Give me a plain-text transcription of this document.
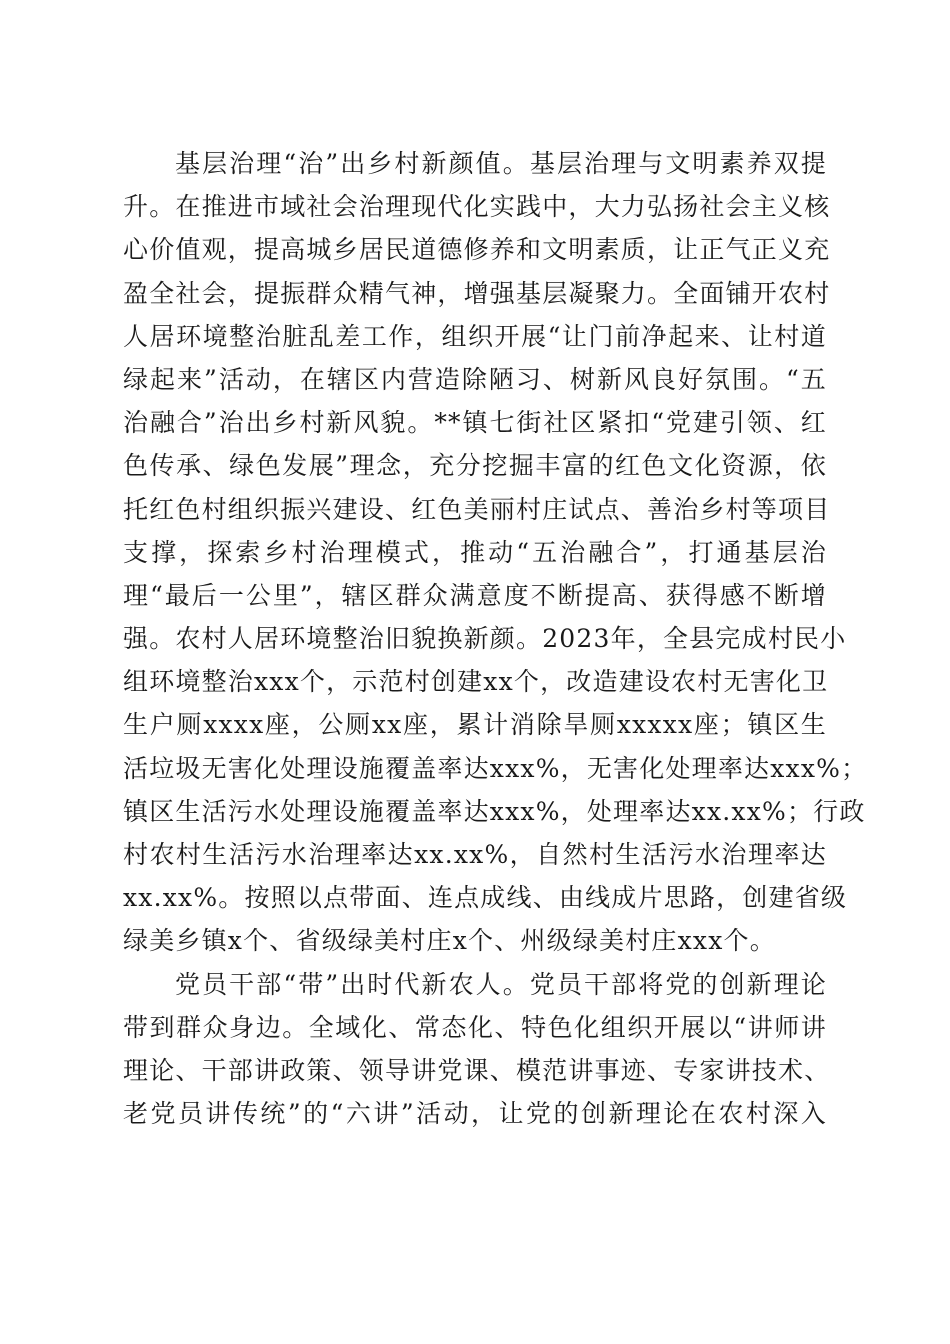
基层治理“治”出乡村新颜值。基层治理与文明素养双提
升。在推进市域社会治理现代化实践中，大力弘扬社会主义核
心价值观，提高城乡居民道德修养和文明素质，让正气正义充
盈全社会，提振群众精气神，增强基层凝聚力。全面铺开农村
人居环境整治脏乱差工作，组织开展“让门前净起来、让村道
绿起来”活动，在辖区内营造除陋习、树新风良好氛围。“五
治融合”治出乡村新风貌。**镇七街社区紧扣“党建引领、红
色传承、绿色发展”理念，充分挖掘丰富的红色文化资源，依
托红色村组织振兴建设、红色美丽村庄试点、善治乡村等项目
支撑，探索乡村治理模式，推动“五治融合”，打通基层治
理“最后一公里”，辖区群众满意度不断提高、获得感不断增
强。农村人居环境整治旧貌换新颜。2023年，全县完成村民小
组环境整治xxx个，示范村创建xx个，改造建设农村无害化卫
生户厕xxxx座，公厕xx座，累计消除旱厕xxxxx座；镇区生
活垃圾无害化处理设施覆盖率达xxx%，无害化处理率达xxx%；
镇区生活污水处理设施覆盖率达xxx%，处理率达xx.xx%；行政
村农村生活污水治理率达xx.xx%，自然村生活污水治理率达
xx.xx%。按照以点带面、连点成线、由线成片思路，创建省级
绿美乡镇x个、省级绿美村庄x个、州级绿美村庄xxx个。
党员干部“带”出时代新农人。党员干部将党的创新理论
带到群众身边。全域化、常态化、特色化组织开展以“讲师讲
理论、干部讲政策、领导讲党课、模范讲事迹、专家讲技术、
老党员讲传统”的“六讲”活动，让党的创新理论在农村深入
